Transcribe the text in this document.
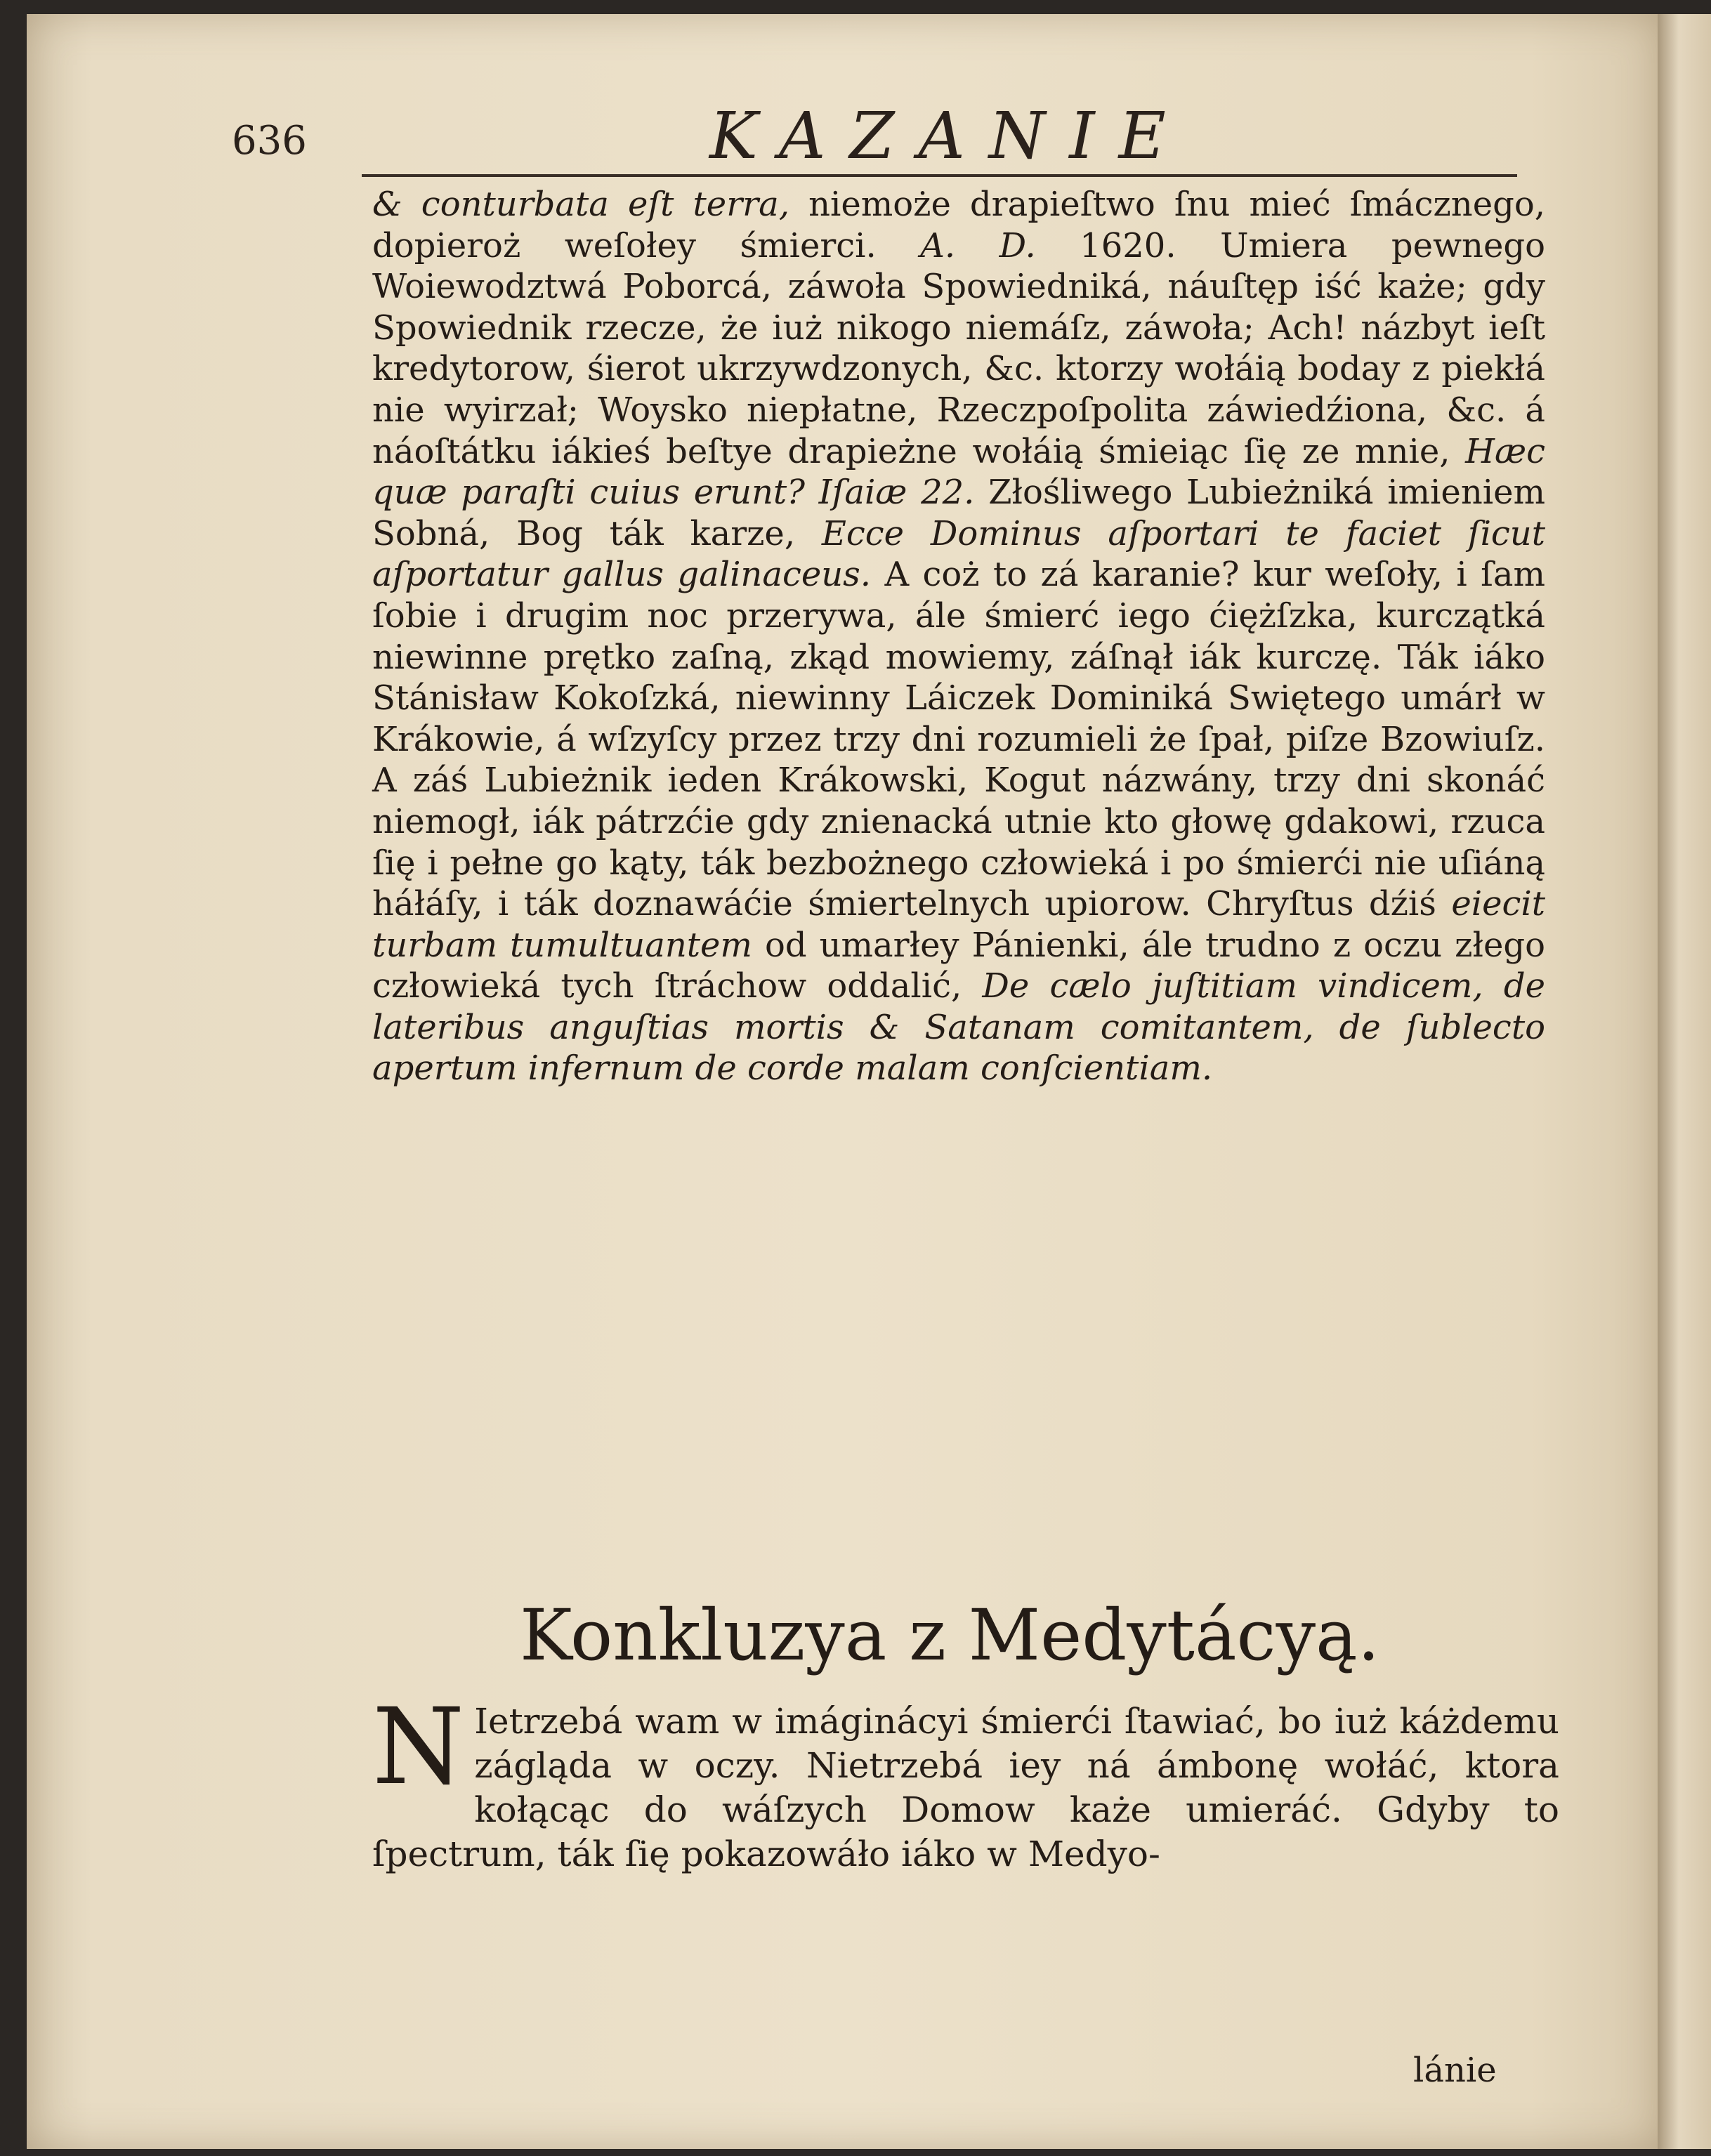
636	KAZANIE

& conturbata eſt terra, niemoże drapieſtwo ſnu mieć ſmácznego, dopieroż weſołey śmierci. A. D. 1620. Umiera pewnego Woiewodztwá Poborcá, záwoła Spowiedniká, náuſtęp iść każe; gdy Spowiednik rzecze, że iuż nikogo niemáſz, záwoła; Ach! názbyt ieſt kredytorow, śierot ukrzywdzonych, &c. ktorzy wołáią boday z piekłá nie wyirzał; Woysko niepłatne, Rzeczpoſpolita záwiedźiona, &c. á náoſtátku iákieś beſtye drapieżne wołáią śmieiąc ſię ze mnie, Hæc quæ paraſti cuius erunt? Iſaiæ 22. Złośliwego Lubieżniká imieniem Sobná, Bog ták karze, Ecce Dominus aſportari te faciet ſicut aſportatur gallus galinaceus. A coż to zá karanie? kur weſoły, i ſam ſobie i drugim noc przerywa, ále śmierć iego ćiężſzka, kurczątká niewinne prętko zaſną, zkąd mowiemy, záſnął iák kurczę. Ták iáko Stánisław Kokoſzká, niewinny Láiczek Dominiká Swiętego umárł w Krákowie, á wſzyſcy przez trzy dni rozumieli że ſpał, piſze Bzowiuſz. A záś Lubieżnik ieden Krákowski, Kogut názwány, trzy dni skonáć niemogł, iák pátrzćie gdy znienacká utnie kto głowę gdakowi, rzuca ſię i pełne go kąty, ták bezbożnego człowieká i po śmierći nie uſiáną háłáſy, i ták doznawáćie śmiertelnych upiorow. Chryſtus dźiś eiecit turbam tumultuantem od umarłey Pánienki, ále trudno z oczu złego człowieká tych ſtráchow oddalić, De cælo juſtitiam vindicem, de lateribus anguſtias mortis & Satanam comitantem, de ſublecto apertum infernum de corde malam conſcientiam.

Konkluzya z Medytácyą.

N Ietrzebá wam w imáginácyi śmierći ſtawiać, bo iuż káżdemu zágląda w oczy. Nietrzebá iey ná ámbonę wołáć, ktora kołącąc do wáſzych Domow każe umieráć. Gdyby to ſpectrum, ták ſię pokazowáło iáko w Medyo-

lánie
